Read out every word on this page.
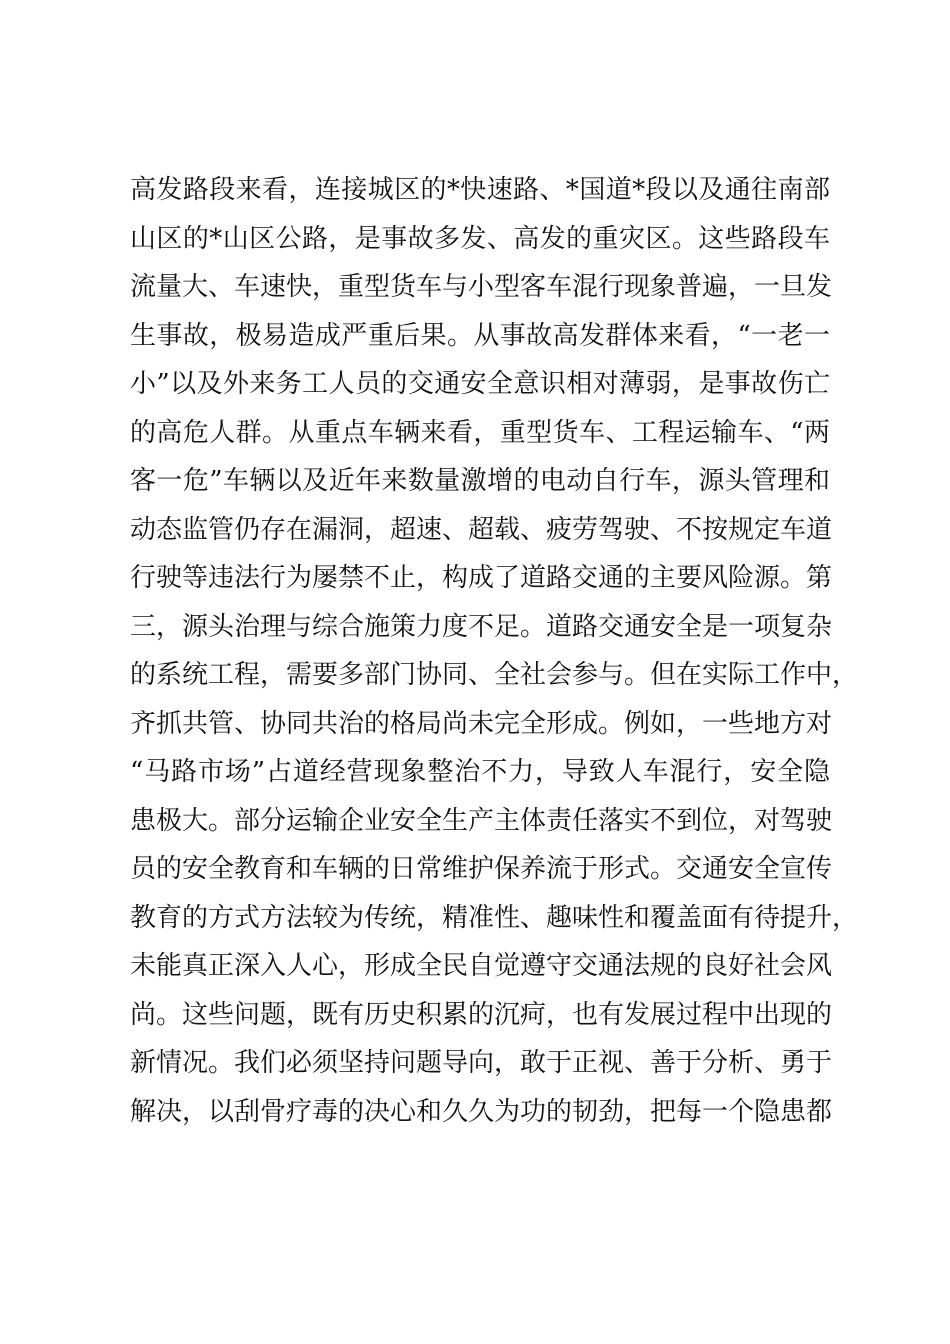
高发路段来看，连接城区的*快速路、*国道*段以及通往南部
山区的*山区公路，是事故多发、高发的重灾区。这些路段车
流量大、车速快，重型货车与小型客车混行现象普遍，一旦发
生事故，极易造成严重后果。从事故高发群体来看，“一老一
小”以及外来务工人员的交通安全意识相对薄弱，是事故伤亡
的高危人群。从重点车辆来看，重型货车、工程运输车、“两
客一危”车辆以及近年来数量激增的电动自行车，源头管理和
动态监管仍存在漏洞，超速、超载、疲劳驾驶、不按规定车道
行驶等违法行为屡禁不止，构成了道路交通的主要风险源。第
三，源头治理与综合施策力度不足。道路交通安全是一项复杂
的系统工程，需要多部门协同、全社会参与。但在实际工作中，
齐抓共管、协同共治的格局尚未完全形成。例如，一些地方对
“马路市场”占道经营现象整治不力，导致人车混行，安全隐
患极大。部分运输企业安全生产主体责任落实不到位，对驾驶
员的安全教育和车辆的日常维护保养流于形式。交通安全宣传
教育的方式方法较为传统，精准性、趣味性和覆盖面有待提升，
未能真正深入人心，形成全民自觉遵守交通法规的良好社会风
尚。这些问题，既有历史积累的沉疴，也有发展过程中出现的
新情况。我们必须坚持问题导向，敢于正视、善于分析、勇于
解决，以刮骨疗毒的决心和久久为功的韧劲，把每一个隐患都
